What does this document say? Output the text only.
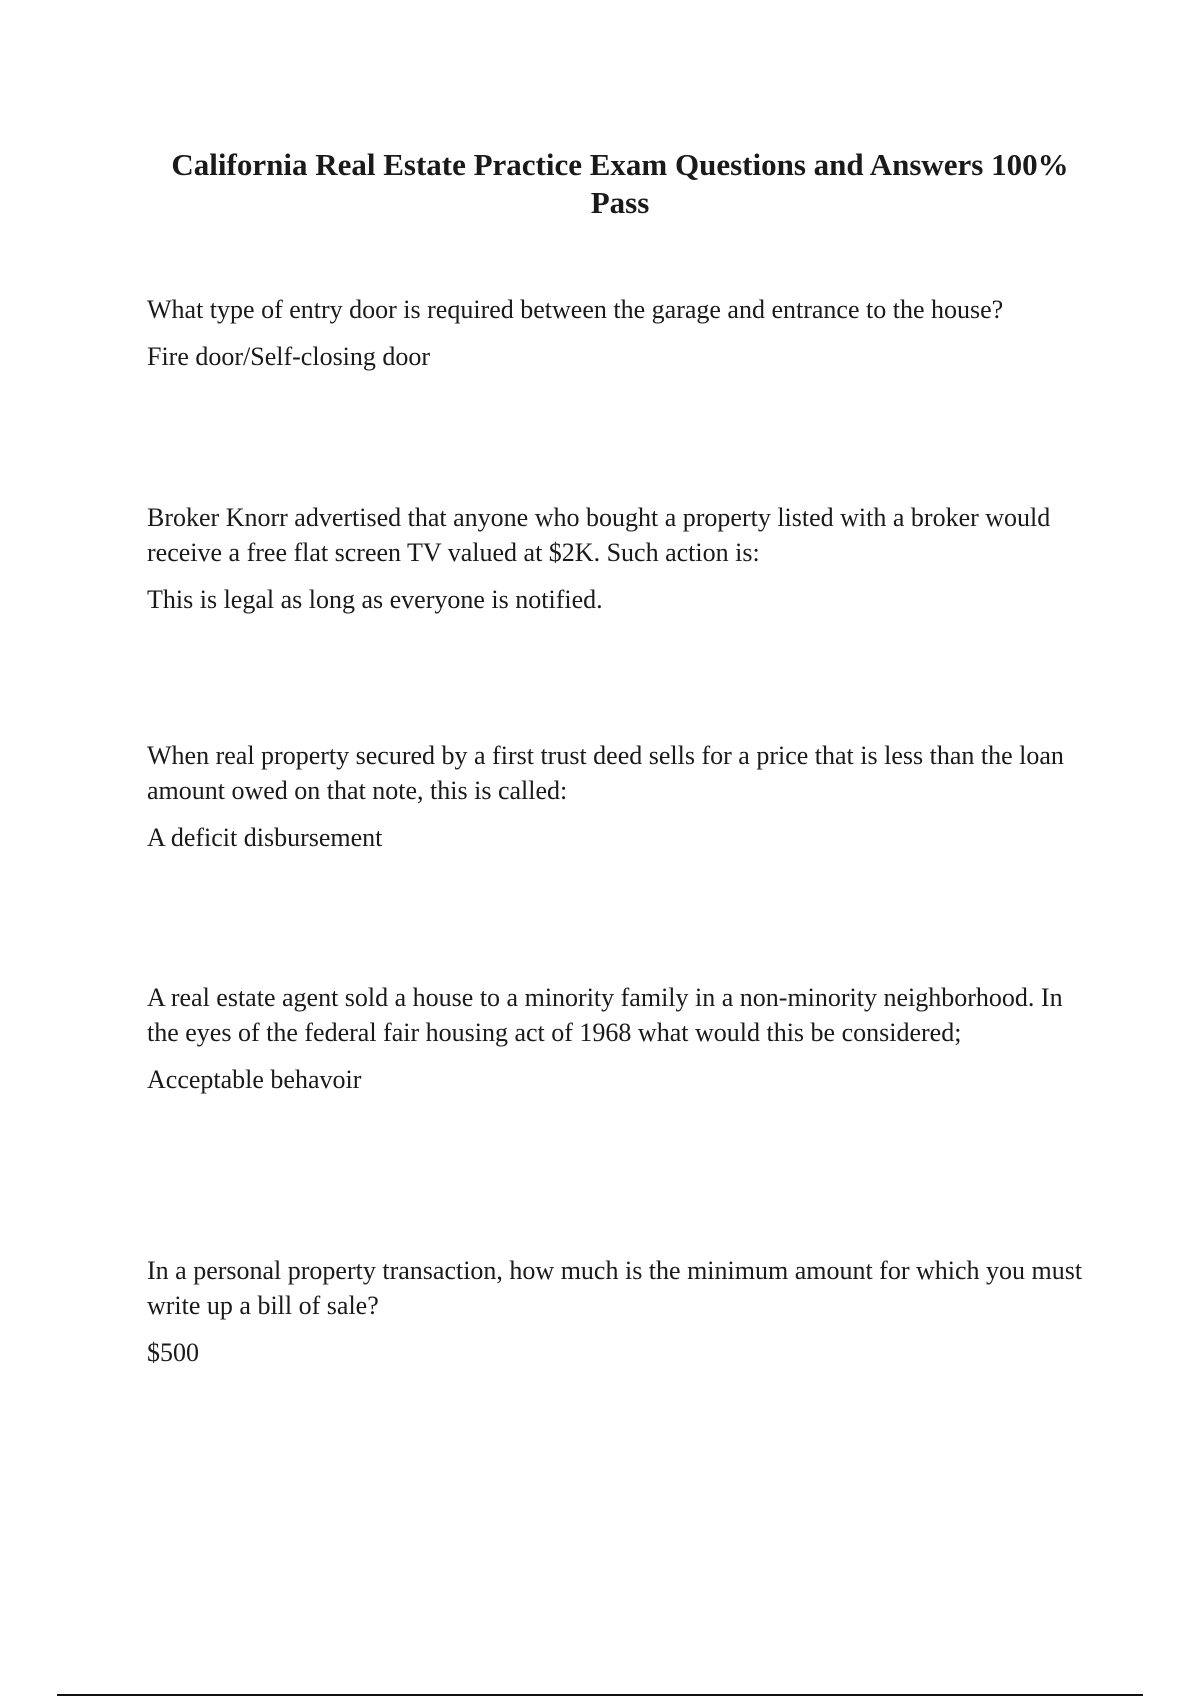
California Real Estate Practice Exam Questions and Answers 100% Pass

What type of entry door is required between the garage and entrance to the house?

Fire door/Self-closing door

Broker Knorr advertised that anyone who bought a property listed with a broker would receive a free flat screen TV valued at $2K. Such action is:

This is legal as long as everyone is notified.

When real property secured by a first trust deed sells for a price that is less than the loan amount owed on that note, this is called:

A deficit disbursement

A real estate agent sold a house to a minority family in a non-minority neighborhood. In the eyes of the federal fair housing act of 1968 what would this be considered;

Acceptable behavoir

In a personal property transaction, how much is the minimum amount for which you must write up a bill of sale?

$500
